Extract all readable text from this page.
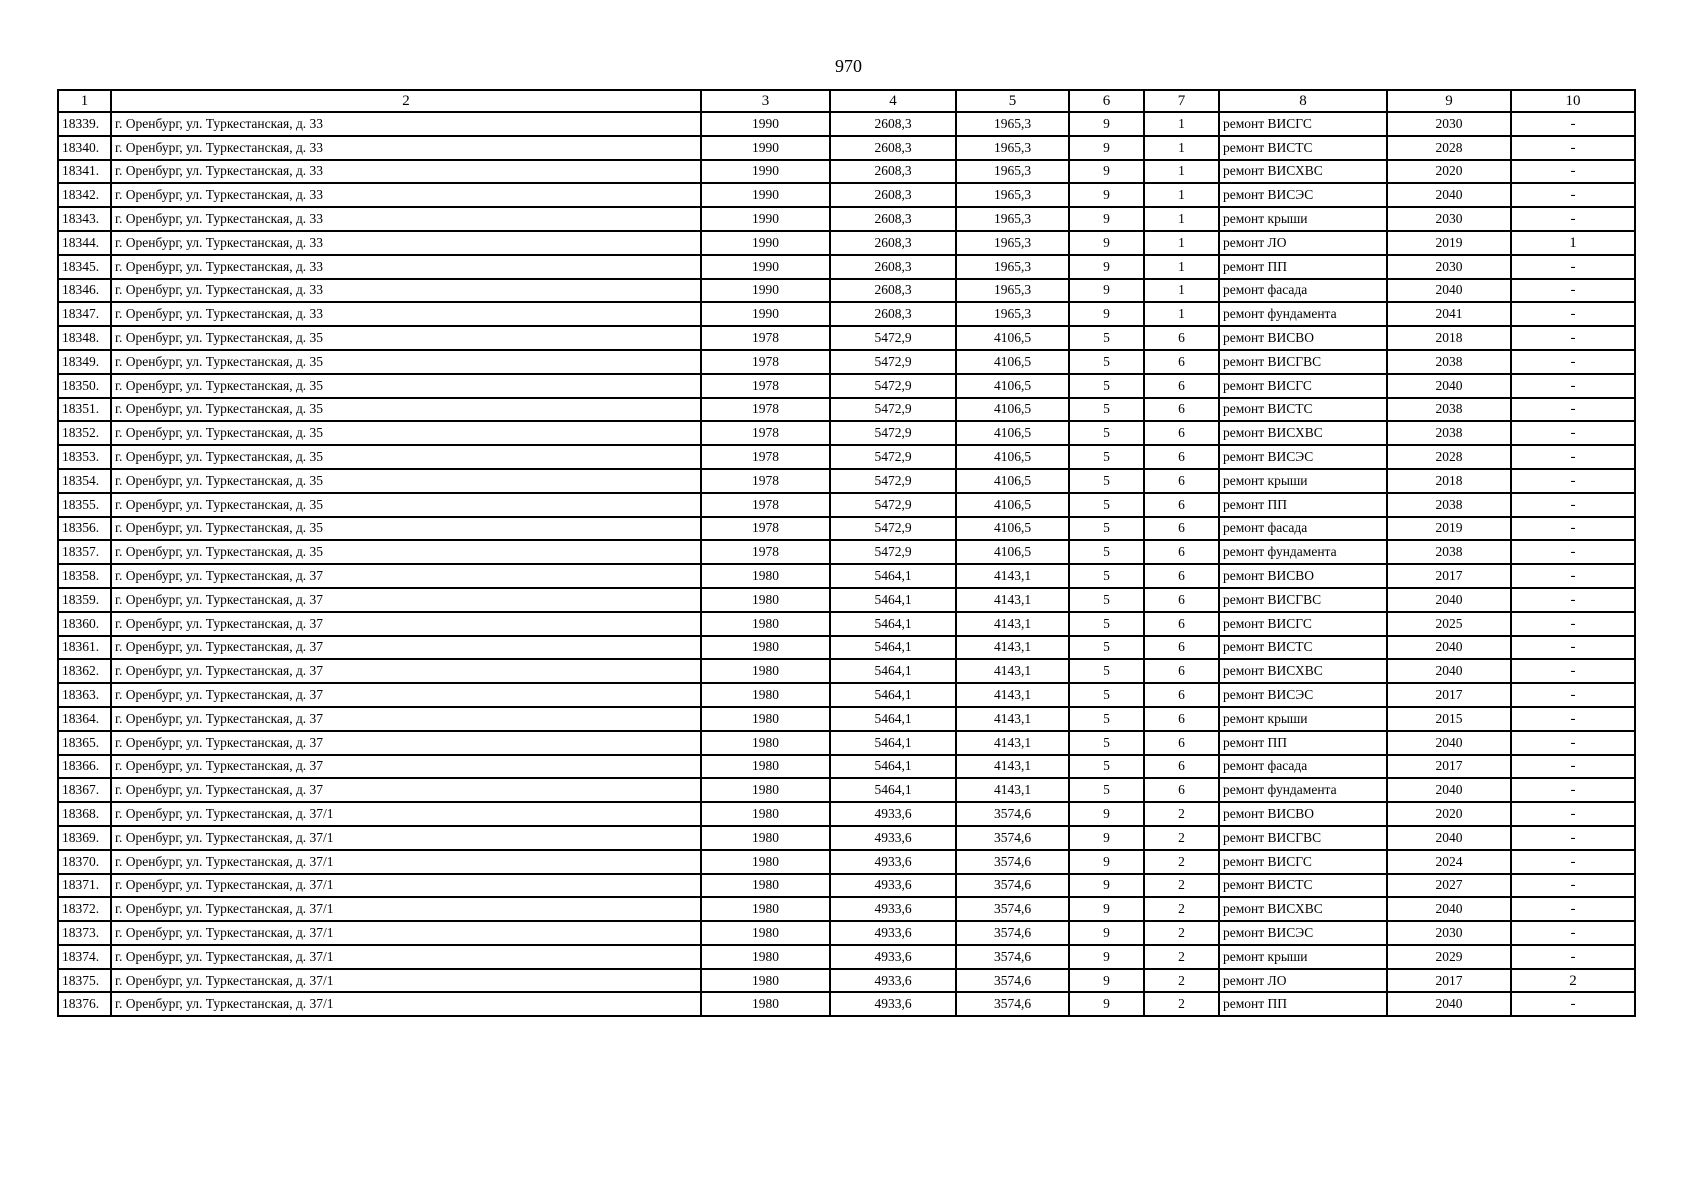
970
1	2	3	4	5	6	7	8	9	10
18339.	г. Оренбург, ул. Туркестанская, д. 33	1990	2608,3	1965,3	9	1	ремонт ВИСГС	2030	-
18340.	г. Оренбург, ул. Туркестанская, д. 33	1990	2608,3	1965,3	9	1	ремонт ВИСТС	2028	-
18341.	г. Оренбург, ул. Туркестанская, д. 33	1990	2608,3	1965,3	9	1	ремонт ВИСХВС	2020	-
18342.	г. Оренбург, ул. Туркестанская, д. 33	1990	2608,3	1965,3	9	1	ремонт ВИСЭС	2040	-
18343.	г. Оренбург, ул. Туркестанская, д. 33	1990	2608,3	1965,3	9	1	ремонт крыши	2030	-
18344.	г. Оренбург, ул. Туркестанская, д. 33	1990	2608,3	1965,3	9	1	ремонт ЛО	2019	1
18345.	г. Оренбург, ул. Туркестанская, д. 33	1990	2608,3	1965,3	9	1	ремонт ПП	2030	-
18346.	г. Оренбург, ул. Туркестанская, д. 33	1990	2608,3	1965,3	9	1	ремонт фасада	2040	-
18347.	г. Оренбург, ул. Туркестанская, д. 33	1990	2608,3	1965,3	9	1	ремонт фундамента	2041	-
18348.	г. Оренбург, ул. Туркестанская, д. 35	1978	5472,9	4106,5	5	6	ремонт ВИСВО	2018	-
18349.	г. Оренбург, ул. Туркестанская, д. 35	1978	5472,9	4106,5	5	6	ремонт ВИСГВС	2038	-
18350.	г. Оренбург, ул. Туркестанская, д. 35	1978	5472,9	4106,5	5	6	ремонт ВИСГС	2040	-
18351.	г. Оренбург, ул. Туркестанская, д. 35	1978	5472,9	4106,5	5	6	ремонт ВИСТС	2038	-
18352.	г. Оренбург, ул. Туркестанская, д. 35	1978	5472,9	4106,5	5	6	ремонт ВИСХВС	2038	-
18353.	г. Оренбург, ул. Туркестанская, д. 35	1978	5472,9	4106,5	5	6	ремонт ВИСЭС	2028	-
18354.	г. Оренбург, ул. Туркестанская, д. 35	1978	5472,9	4106,5	5	6	ремонт крыши	2018	-
18355.	г. Оренбург, ул. Туркестанская, д. 35	1978	5472,9	4106,5	5	6	ремонт ПП	2038	-
18356.	г. Оренбург, ул. Туркестанская, д. 35	1978	5472,9	4106,5	5	6	ремонт фасада	2019	-
18357.	г. Оренбург, ул. Туркестанская, д. 35	1978	5472,9	4106,5	5	6	ремонт фундамента	2038	-
18358.	г. Оренбург, ул. Туркестанская, д. 37	1980	5464,1	4143,1	5	6	ремонт ВИСВО	2017	-
18359.	г. Оренбург, ул. Туркестанская, д. 37	1980	5464,1	4143,1	5	6	ремонт ВИСГВС	2040	-
18360.	г. Оренбург, ул. Туркестанская, д. 37	1980	5464,1	4143,1	5	6	ремонт ВИСГС	2025	-
18361.	г. Оренбург, ул. Туркестанская, д. 37	1980	5464,1	4143,1	5	6	ремонт ВИСТС	2040	-
18362.	г. Оренбург, ул. Туркестанская, д. 37	1980	5464,1	4143,1	5	6	ремонт ВИСХВС	2040	-
18363.	г. Оренбург, ул. Туркестанская, д. 37	1980	5464,1	4143,1	5	6	ремонт ВИСЭС	2017	-
18364.	г. Оренбург, ул. Туркестанская, д. 37	1980	5464,1	4143,1	5	6	ремонт крыши	2015	-
18365.	г. Оренбург, ул. Туркестанская, д. 37	1980	5464,1	4143,1	5	6	ремонт ПП	2040	-
18366.	г. Оренбург, ул. Туркестанская, д. 37	1980	5464,1	4143,1	5	6	ремонт фасада	2017	-
18367.	г. Оренбург, ул. Туркестанская, д. 37	1980	5464,1	4143,1	5	6	ремонт фундамента	2040	-
18368.	г. Оренбург, ул. Туркестанская, д. 37/1	1980	4933,6	3574,6	9	2	ремонт ВИСВО	2020	-
18369.	г. Оренбург, ул. Туркестанская, д. 37/1	1980	4933,6	3574,6	9	2	ремонт ВИСГВС	2040	-
18370.	г. Оренбург, ул. Туркестанская, д. 37/1	1980	4933,6	3574,6	9	2	ремонт ВИСГС	2024	-
18371.	г. Оренбург, ул. Туркестанская, д. 37/1	1980	4933,6	3574,6	9	2	ремонт ВИСТС	2027	-
18372.	г. Оренбург, ул. Туркестанская, д. 37/1	1980	4933,6	3574,6	9	2	ремонт ВИСХВС	2040	-
18373.	г. Оренбург, ул. Туркестанская, д. 37/1	1980	4933,6	3574,6	9	2	ремонт ВИСЭС	2030	-
18374.	г. Оренбург, ул. Туркестанская, д. 37/1	1980	4933,6	3574,6	9	2	ремонт крыши	2029	-
18375.	г. Оренбург, ул. Туркестанская, д. 37/1	1980	4933,6	3574,6	9	2	ремонт ЛО	2017	2
18376.	г. Оренбург, ул. Туркестанская, д. 37/1	1980	4933,6	3574,6	9	2	ремонт ПП	2040	-
